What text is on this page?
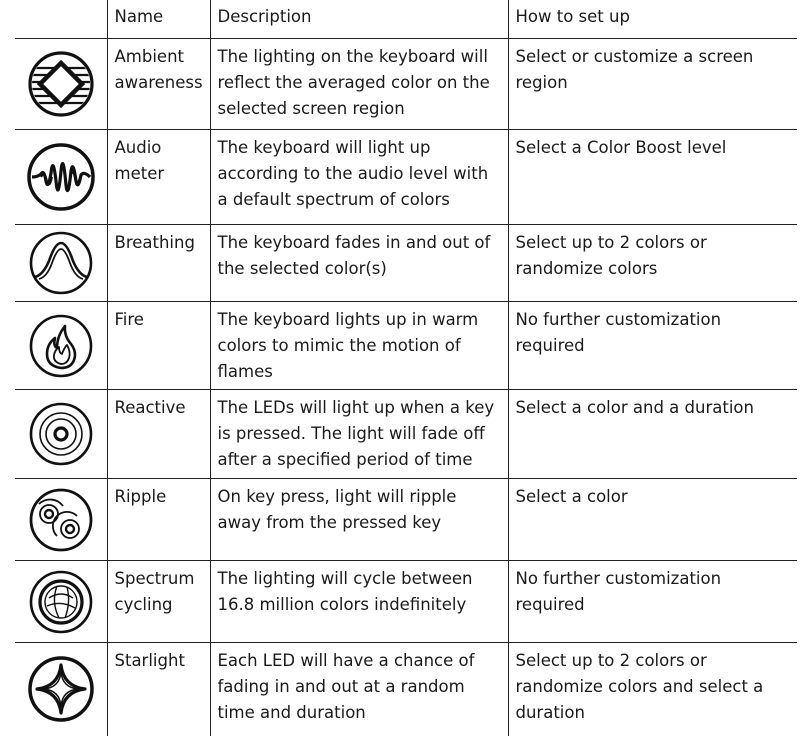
	Name	Description	How to set up

	Ambient awareness	The lighting on the keyboard will reflect the averaged color on the selected screen region	Select or customize a screen region

	Audio meter	The keyboard will light up according to the audio level with a default spectrum of colors	Select a Color Boost level

	Breathing	The keyboard fades in and out of the selected color(s)	Select up to 2 colors or randomize colors

	Fire	The keyboard lights up in warm colors to mimic the motion of flames	No further customization required

	Reactive	The LEDs will light up when a key is pressed. The light will fade off after a specified period of time	Select a color and a duration

	Ripple	On key press, light will ripple away from the pressed key	Select a color

	Spectrum cycling	The lighting will cycle between 16.8 million colors indefinitely	No further customization required

	Starlight	Each LED will have a chance of fading in and out at a random time and duration	Select up to 2 colors or randomize colors and select a duration
